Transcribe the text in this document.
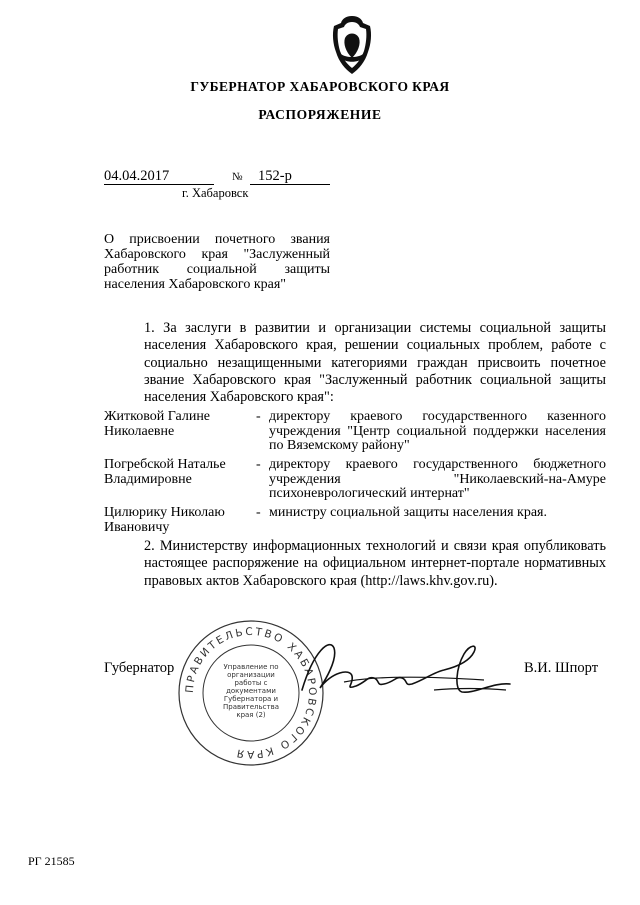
ГУБЕРНАТОР ХАБАРОВСКОГО КРАЯ
РАСПОРЯЖЕНИЕ
04.04.2017	№ 152-р
г. Хабаровск
О присвоении почетного звания
Хабаровского края "Заслуженный
работник социальной защиты
населения Хабаровского края"
1. За заслуги в развитии и организации системы социальной защиты населения Хабаровского края, решении социальных проблем, работе с социально незащищенными категориями граждан присвоить почетное звание Хабаровского края "Заслуженный работник социальной защиты населения Хабаровского края":
Житковой Галине Николаевне
- директору краевого государственного казенного учреждения "Центр социальной поддержки населения по Вяземскому району"
Погребской Наталье Владимировне
- директору краевого государственного бюджетного учреждения "Николаевский-на-Амуре психоневрологический интернат"
Цилюрику Николаю Ивановичу
- министру социальной защиты населения края.
2. Министерству информационных технологий и связи края опубликовать настоящее распоряжение на официальном интернет-портале нормативных правовых актов Хабаровского края (http://laws.khv.gov.ru).
ПРАВИТЕЛЬСТВО ХАБАРОВСКОГО КРАЯ
Управление по организации работы с документами Губернатора и Правительства края (2)
Губернатор	В.И. Шпорт
РГ 21585
